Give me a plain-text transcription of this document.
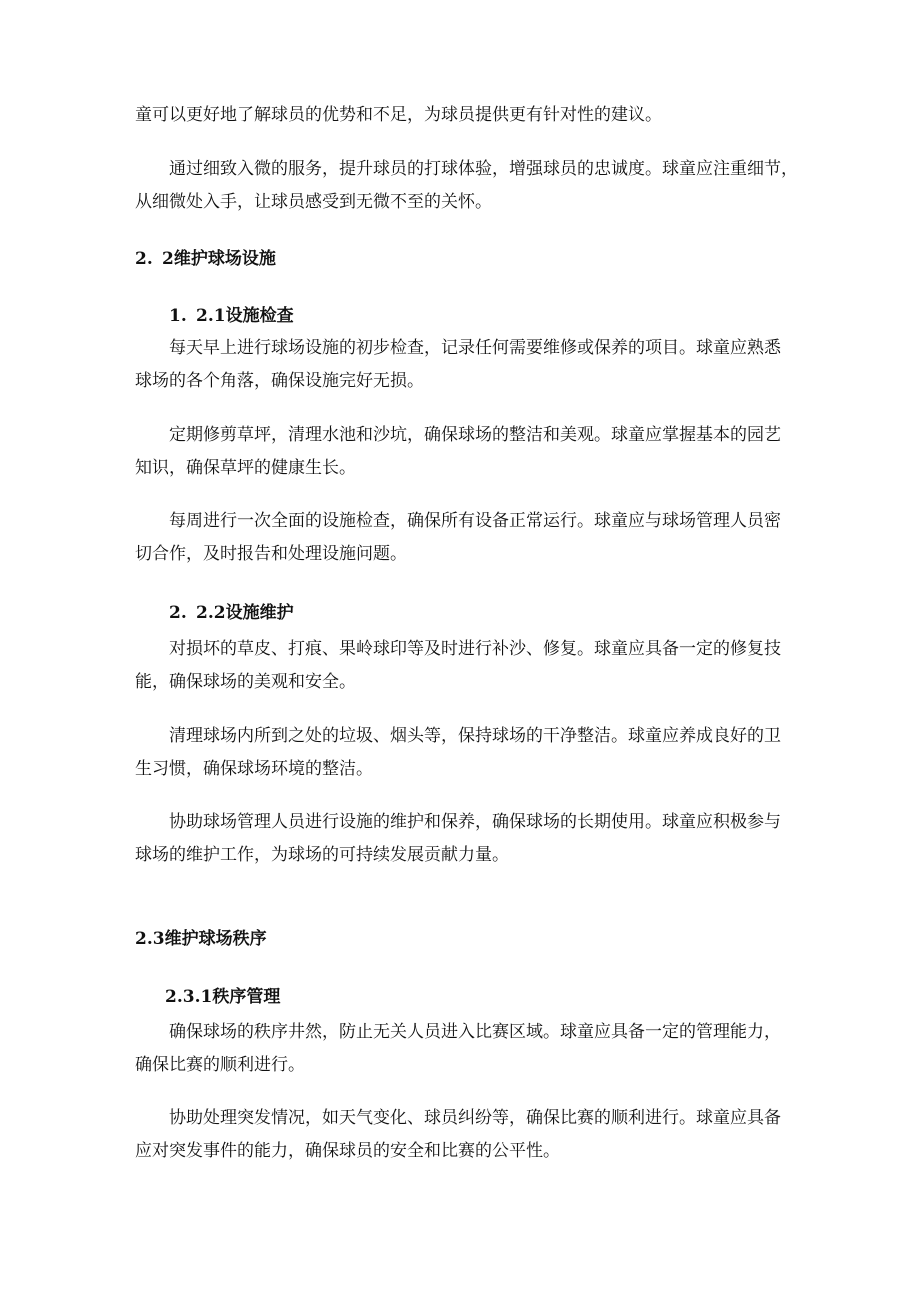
童可以更好地了解球员的优势和不足，为球员提供更有针对性的建议。

通过细致入微的服务，提升球员的打球体验，增强球员的忠诚度。球童应注重细节，
从细微处入手，让球员感受到无微不至的关怀。

2. 2维护球场设施

1. 2.1设施检查

每天早上进行球场设施的初步检查，记录任何需要维修或保养的项目。球童应熟悉
球场的各个角落，确保设施完好无损。

定期修剪草坪，清理水池和沙坑，确保球场的整洁和美观。球童应掌握基本的园艺
知识，确保草坪的健康生长。

每周进行一次全面的设施检查，确保所有设备正常运行。球童应与球场管理人员密
切合作，及时报告和处理设施问题。

2. 2.2设施维护

对损坏的草皮、打痕、果岭球印等及时进行补沙、修复。球童应具备一定的修复技
能，确保球场的美观和安全。

清理球场内所到之处的垃圾、烟头等，保持球场的干净整洁。球童应养成良好的卫
生习惯，确保球场环境的整洁。

协助球场管理人员进行设施的维护和保养，确保球场的长期使用。球童应积极参与
球场的维护工作，为球场的可持续发展贡献力量。

2.3维护球场秩序

2.3.1秩序管理

确保球场的秩序井然，防止无关人员进入比赛区域。球童应具备一定的管理能力，
确保比赛的顺利进行。

协助处理突发情况，如天气变化、球员纠纷等，确保比赛的顺利进行。球童应具备
应对突发事件的能力，确保球员的安全和比赛的公平性。
